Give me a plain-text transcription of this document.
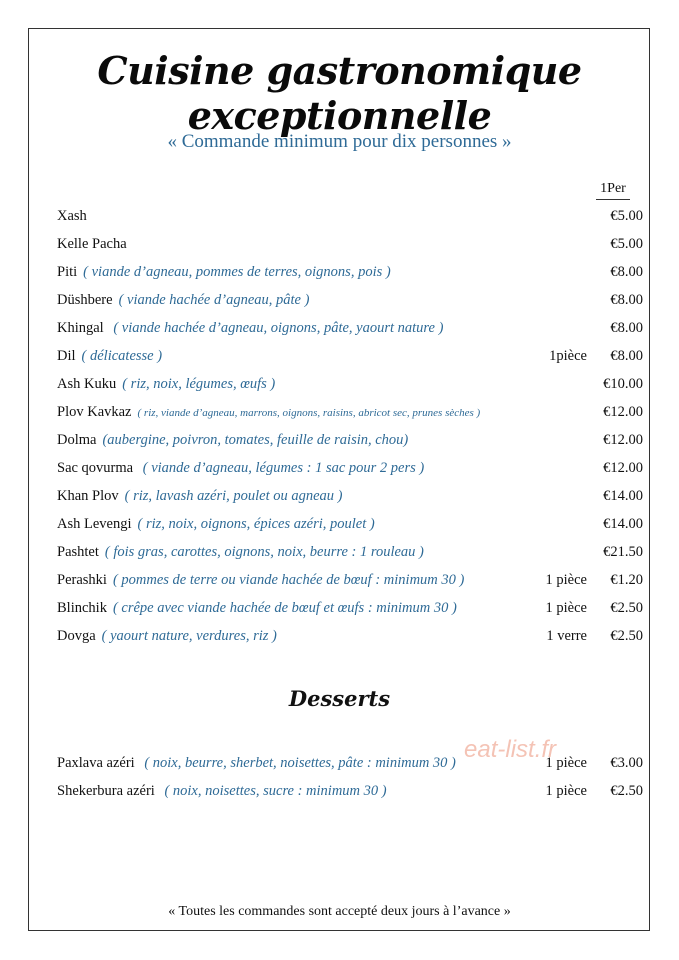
Cuisine gastronomique exceptionnelle
« Commande minimum pour dix personnes »
1Per
Xash	€5.00
Kelle Pacha	€5.00
Piti ( viande d’agneau, pommes de terres, oignons, pois )	€8.00
Düshbere ( viande hachée d’agneau, pâte )	€8.00
Khingal ( viande hachée d’agneau, oignons, pâte, yaourt nature )	€8.00
Dil ( délicatesse )	1pièce €8.00
Ash Kuku ( riz, noix, légumes, œufs )	€10.00
Plov Kavkaz ( riz, viande d’agneau, marrons, oignons, raisins, abricot sec, prunes sèches )	€12.00
Dolma (aubergine, poivron, tomates, feuille de raisin, chou)	€12.00
Sac qovurma ( viande d’agneau, légumes : 1 sac pour 2 pers )	€12.00
Khan Plov ( riz, lavash azéri, poulet ou agneau )	€14.00
Ash Levengi ( riz, noix, oignons, épices azéri, poulet )	€14.00
Pashtet ( fois gras, carottes, oignons, noix, beurre : 1 rouleau )	€21.50
Perashki ( pommes de terre ou viande hachée de bœuf : minimum 30 )	1 pièce €1.20
Blinchik ( crêpe avec viande hachée de bœuf et œufs : minimum 30 )	1 pièce €2.50
Dovga ( yaourt nature, verdures, riz )	1 verre €2.50
Desserts
eat-list.fr
Paxlava azéri ( noix, beurre, sherbet, noisettes, pâte : minimum 30 )	1 pièce €3.00
Shekerbura azéri ( noix, noisettes, sucre : minimum 30 )	1 pièce €2.50
« Toutes les commandes sont accepté deux jours à l’avance »
